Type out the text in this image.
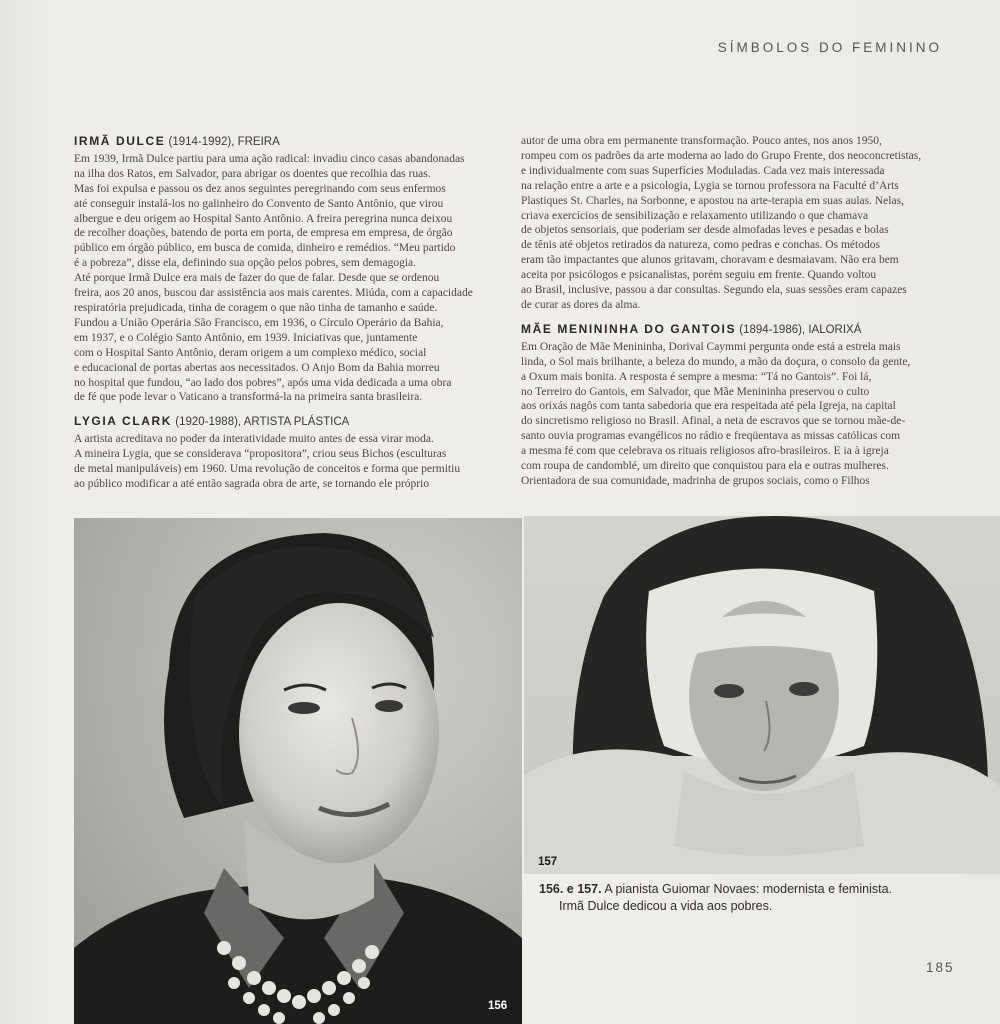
SÍMBOLOS DO FEMININO
IRMÃ DULCE (1914-1992), FREIRA

Em 1939, Irmã Dulce partiu para uma ação radical: invadiu cinco casas abandonadas

na ilha dos Ratos, em Salvador, para abrigar os doentes que recolhia das ruas.

Mas foi expulsa e passou os dez anos seguintes peregrinando com seus enfermos

até conseguir instalá-los no galinheiro do Convento de Santo Antônio, que virou

albergue e deu origem ao Hospital Santo Antônio. A freira peregrina nunca deixou

de recolher doações, batendo de porta em porta, de empresa em empresa, de órgão

público em órgão público, em busca de comida, dinheiro e remédios. “Meu partido

é a pobreza”, disse ela, definindo sua opção pelos pobres, sem demagogia.

Até porque Irmã Dulce era mais de fazer do que de falar. Desde que se ordenou

freira, aos 20 anos, buscou dar assistência aos mais carentes. Miúda, com a capacidade

respiratória prejudicada, tinha de coragem o que não tinha de tamanho e saúde.

Fundou a União Operária São Francisco, em 1936, o Círculo Operário da Bahia,

em 1937, e o Colégio Santo Antônio, em 1939. Iniciativas que, juntamente

com o Hospital Santo Antônio, deram origem a um complexo médico, social

e educacional de portas abertas aos necessitados. O Anjo Bom da Bahia morreu

no hospital que fundou, “ao lado dos pobres”, após uma vida dedicada a uma obra

de fé que pode levar o Vaticano a transformá-la na primeira santa brasileira.

LYGIA CLARK (1920-1988), ARTISTA PLÁSTICA

A artista acreditava no poder da interatividade muito antes de essa virar moda.

A mineira Lygia, que se considerava “propositora”, criou seus Bichos (esculturas

de metal manipuláveis) em 1960. Uma revolução de conceitos e forma que permitiu

ao público modificar a até então sagrada obra de arte, se tornando ele próprio

autor de uma obra em permanente transformação. Pouco antes, nos anos 1950,

rompeu com os padrões da arte moderna ao lado do Grupo Frente, dos neoconcretistas,

e individualmente com suas Superfícies Moduladas. Cada vez mais interessada

na relação entre a arte e a psicologia, Lygia se tornou professora na Faculté d’Arts

Plastiques St. Charles, na Sorbonne, e apostou na arte-terapia em suas aulas. Nelas,

criava exercícios de sensibilização e relaxamento utilizando o que chamava

de objetos sensoriais, que poderiam ser desde almofadas leves e pesadas e bolas

de tênis até objetos retirados da natureza, como pedras e conchas. Os métodos

eram tão impactantes que alunos gritavam, choravam e desmaiavam. Não era bem

aceita por psicólogos e psicanalistas, porém seguiu em frente. Quando voltou

ao Brasil, inclusive, passou a dar consultas. Segundo ela, suas sessões eram capazes

de curar as dores da alma.

MÃE MENININHA DO GANTOIS (1894-1986), IALORIXÁ

Em Oração de Mãe Menininha, Dorival Caymmi pergunta onde está a estrela mais

linda, o Sol mais brilhante, a beleza do mundo, a mão da doçura, o consolo da gente,

a Oxum mais bonita. A resposta é sempre a mesma: “Tá no Gantois”. Foi lá,

no Terreiro do Gantois, em Salvador, que Mãe Menininha preservou o culto

aos orixás nagôs com tanta sabedoria que era respeitada até pela Igreja, na capital

do sincretismo religioso no Brasil. Afinal, a neta de escravos que se tornou mãe-de-

santo ouvia programas evangélicos no rádio e freqüentava as missas católicas com

a mesma fé com que celebrava os rituais religiosos afro-brasileiros. E ia à igreja

com roupa de candomblé, um direito que conquistou para ela e outras mulheres.

Orientadora de sua comunidade, madrinha de grupos sociais, como o Filhos

156
157
156. e 157. A pianista Guiomar Novaes: modernista e feminista.
Irmã Dulce dedicou a vida aos pobres.
185
